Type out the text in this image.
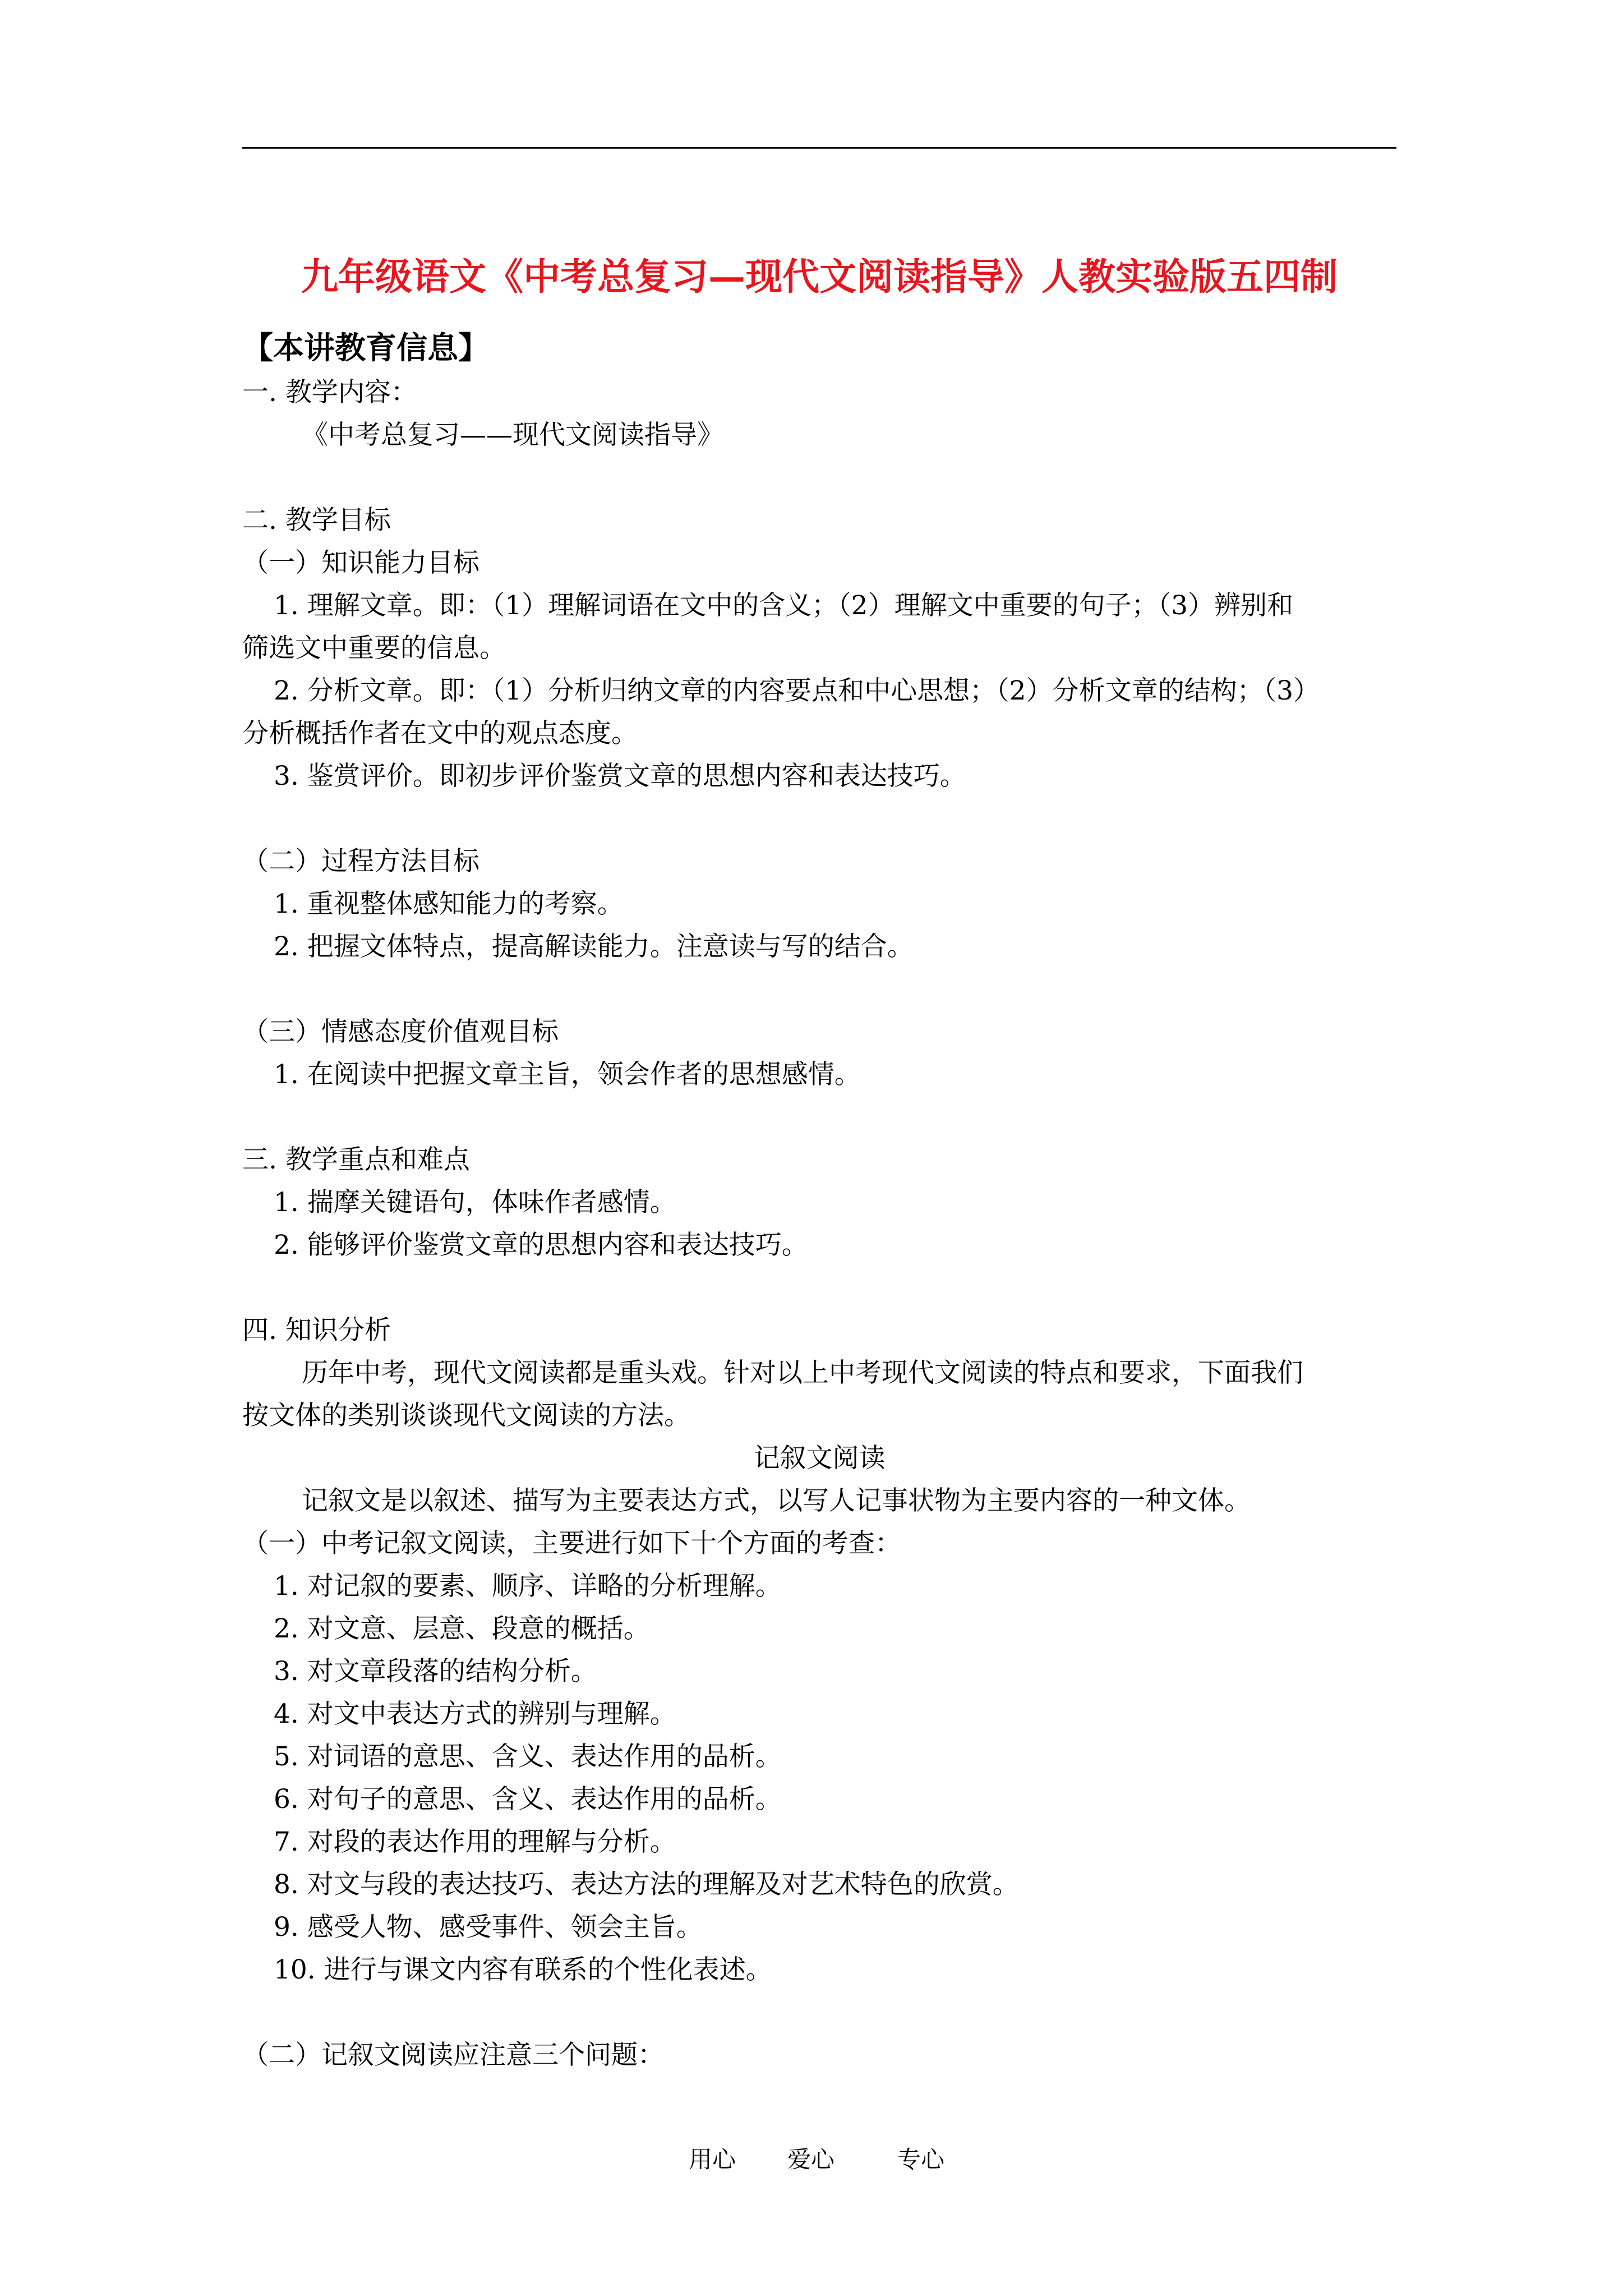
九年级语文《中考总复习—现代文阅读指导》人教实验版五四制
【本讲教育信息】
一. 教学内容：
《中考总复习——现代文阅读指导》
二. 教学目标
（一）知识能力目标
1. 理解文章。即：（1）理解词语在文中的含义；（2）理解文中重要的句子；（3）辨别和
筛选文中重要的信息。
2. 分析文章。即：（1）分析归纳文章的内容要点和中心思想；（2）分析文章的结构；（3）
分析概括作者在文中的观点态度。
3. 鉴赏评价。即初步评价鉴赏文章的思想内容和表达技巧。
（二）过程方法目标
1. 重视整体感知能力的考察。
2. 把握文体特点，提高解读能力。注意读与写的结合。
（三）情感态度价值观目标
1. 在阅读中把握文章主旨，领会作者的思想感情。
三. 教学重点和难点
1. 揣摩关键语句，体味作者感情。
2. 能够评价鉴赏文章的思想内容和表达技巧。
四. 知识分析
历年中考，现代文阅读都是重头戏。针对以上中考现代文阅读的特点和要求，下面我们
按文体的类别谈谈现代文阅读的方法。
记叙文阅读
记叙文是以叙述、描写为主要表达方式，以写人记事状物为主要内容的一种文体。
（一）中考记叙文阅读，主要进行如下十个方面的考查：
1. 对记叙的要素、顺序、详略的分析理解。
2. 对文意、层意、段意的概括。
3. 对文章段落的结构分析。
4. 对文中表达方式的辨别与理解。
5. 对词语的意思、含义、表达作用的品析。
6. 对句子的意思、含义、表达作用的品析。
7. 对段的表达作用的理解与分析。
8. 对文与段的表达技巧、表达方法的理解及对艺术特色的欣赏。
9. 感受人物、感受事件、领会主旨。
10. 进行与课文内容有联系的个性化表述。
（二）记叙文阅读应注意三个问题：
用心 爱心	专心
